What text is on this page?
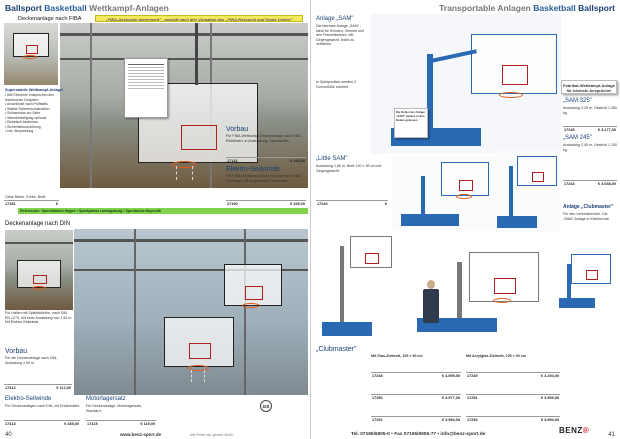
Ballsport Basketball Wettkampf-Anlagen
Deckenanlage nach FIBA	„FIBA-Associate Agreement" - geprüft nach den Vorgaben des „FIBA-Research and Study Centre"
Superstabile Wettkampf-Anlage!
• Alle Elemente entsprechen den technischen Vorgaben
• Anschlüsse nach Prüfstatik
• Stabile Rahmenkonstruktion
• Schwenkbar zur Seite
• Wandbefestigung optional
• Elektrisch bedienbar
• Sicherheitsvorrichtung
• Inkl. Abspannung
Ohne Netze, Körbe, Brett
17181	€
Vorbau
Für FIBA-Wettkampf-Deckenanlage nach FIBA-Richtlinien, in Abstrahlung, Spannweite.
17142	€ 103,00
Elektro-Seilwinde
Für FIBA-Wettkampf-Deckenanlage nach FIBA-Richtlinien mit eingebauter Endschalter.
17190	€ 335,00
Referenzen: Sportstadion Hagen • Sportpalast Ludwigsburg • Sportarena Bayreuth
Deckenanlage nach DIN
Für Hallen mit Spielfeldhöhe, nach DIN EN 1270, mit einer Ausladung von 1,50 m. Mit Elektro-Seilwinde.
Vorbau
Für die Deckenanlage nach DIN, Ausladung 1,50 m.
17412	€ 112,00
Elektro-Seilwinde
Für Deckenanlagen nach DIN, mit Endschalter.
17413	€ 335,00
Motorlagersatz
Für Deckenanlage, Motorlagersatz, Standard.
17415	€ 119,00
GS
40	www.benz-sport.de	Alle Preise inkl. gesetzl. MwSt.
Transportable Anlagen Basketball Ballsport
Anlage „SAM"
Die fahrbare Anlage „SAM" - ideal für Schulen, Vereine und den Freizeitbereich. Mit Gegengewicht, leicht zu verfahren.
In Spielposition werden 2 Gummifüße arretiert.
Die Rollen der Anlage „SAM" werden in den Boden gelassen
Fabrikat-Wettkampf-Anlage für höchste Ansprüche!
„SAM 325"
Ausladung 3,25 m, Gewicht 1.350 kg
17245	€ 3.177,00
„SAM 245"
Ausladung 2,45 m, Gewicht 1.150 kg
17243	€ 3.038,00
„Little SAM"
Ausladung 1,65 m, Brett 120 × 90 cm mit Gegengewicht.
17240	€	Anlage „Clubmaster"
Für den Vereinsbereich. Die „SAM"-Anlage in Kleinformat.
„Clubmaster"
Mit Glas-Zielbrett, 105 × 90 cm	Mit Acrylglas-Zielbrett, 105 × 90 cm
17248	€ 4.595,00
17250	€ 3.577,00
17252	€ 3.994,00
17249	€ 3.294,00
17251	€ 3.595,00
17253	€ 3.994,00
Tel. 07195/6905-0 • Fax 07195/6905-77 • info@benz-sport.de	BENZ®	41
